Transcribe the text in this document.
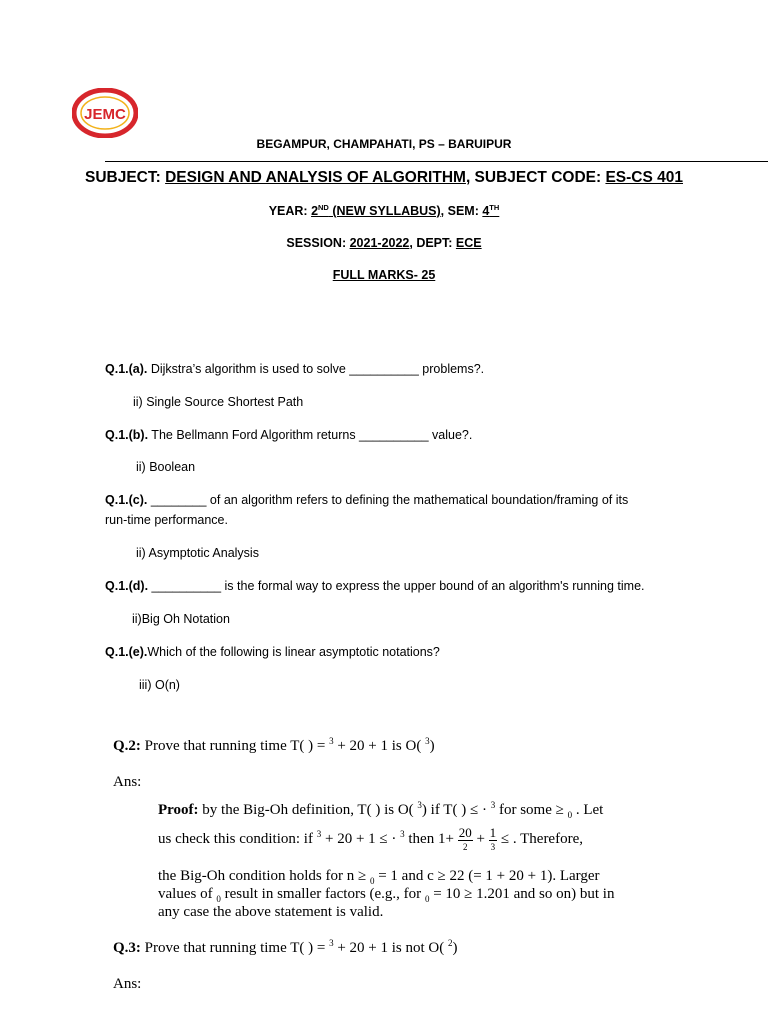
JEMC
BEGAMPUR, CHAMPAHATI, PS – BARUIPUR
SUBJECT: DESIGN AND ANALYSIS OF ALGORITHM, SUBJECT CODE: ES-CS 401
YEAR: 2ND (NEW SYLLABUS), SEM: 4TH
SESSION: 2021-2022, DEPT: ECE
FULL MARKS- 25
Q.1.(a). Dijkstra’s algorithm is used to solve __________ problems?.
ii) Single Source Shortest Path
Q.1.(b). The Bellmann Ford Algorithm returns __________ value?.
ii) Boolean
Q.1.(c). ________ of an algorithm refers to defining the mathematical boundation/framing of its
run-time performance.
ii) Asymptotic Analysis
Q.1.(d). __________ is the formal way to express the upper bound of an algorithm's running time.
ii)Big Oh Notation
Q.1.(e).Which of the following is linear asymptotic notations?
iii) O(n)
Q.2: Prove that running time T( ) = $^3$ + 20 + 1 is O( $^3$)
Ans:
Proof: by the Big-Oh definition, T( ) is O( $^3$) if T( ) ≤ · $^3$ for some ≥ $_0$ . Let
us check this condition: if $^3$ + 20 + 1 ≤ · $^3$ then $1+ \frac{20}{2} + \frac{1}{3}$ ≤ . Therefore,
the Big-Oh condition holds for n ≥ $_0$ = 1 and c ≥ 22 (= 1 + 20 + 1). Larger
values of $_0$ result in smaller factors (e.g., for $_0$ = 10 ≥ 1.201 and so on) but in
any case the above statement is valid.
Q.3: Prove that running time T( ) = $^3$ + 20 + 1 is not O( $^2$)
Ans:
